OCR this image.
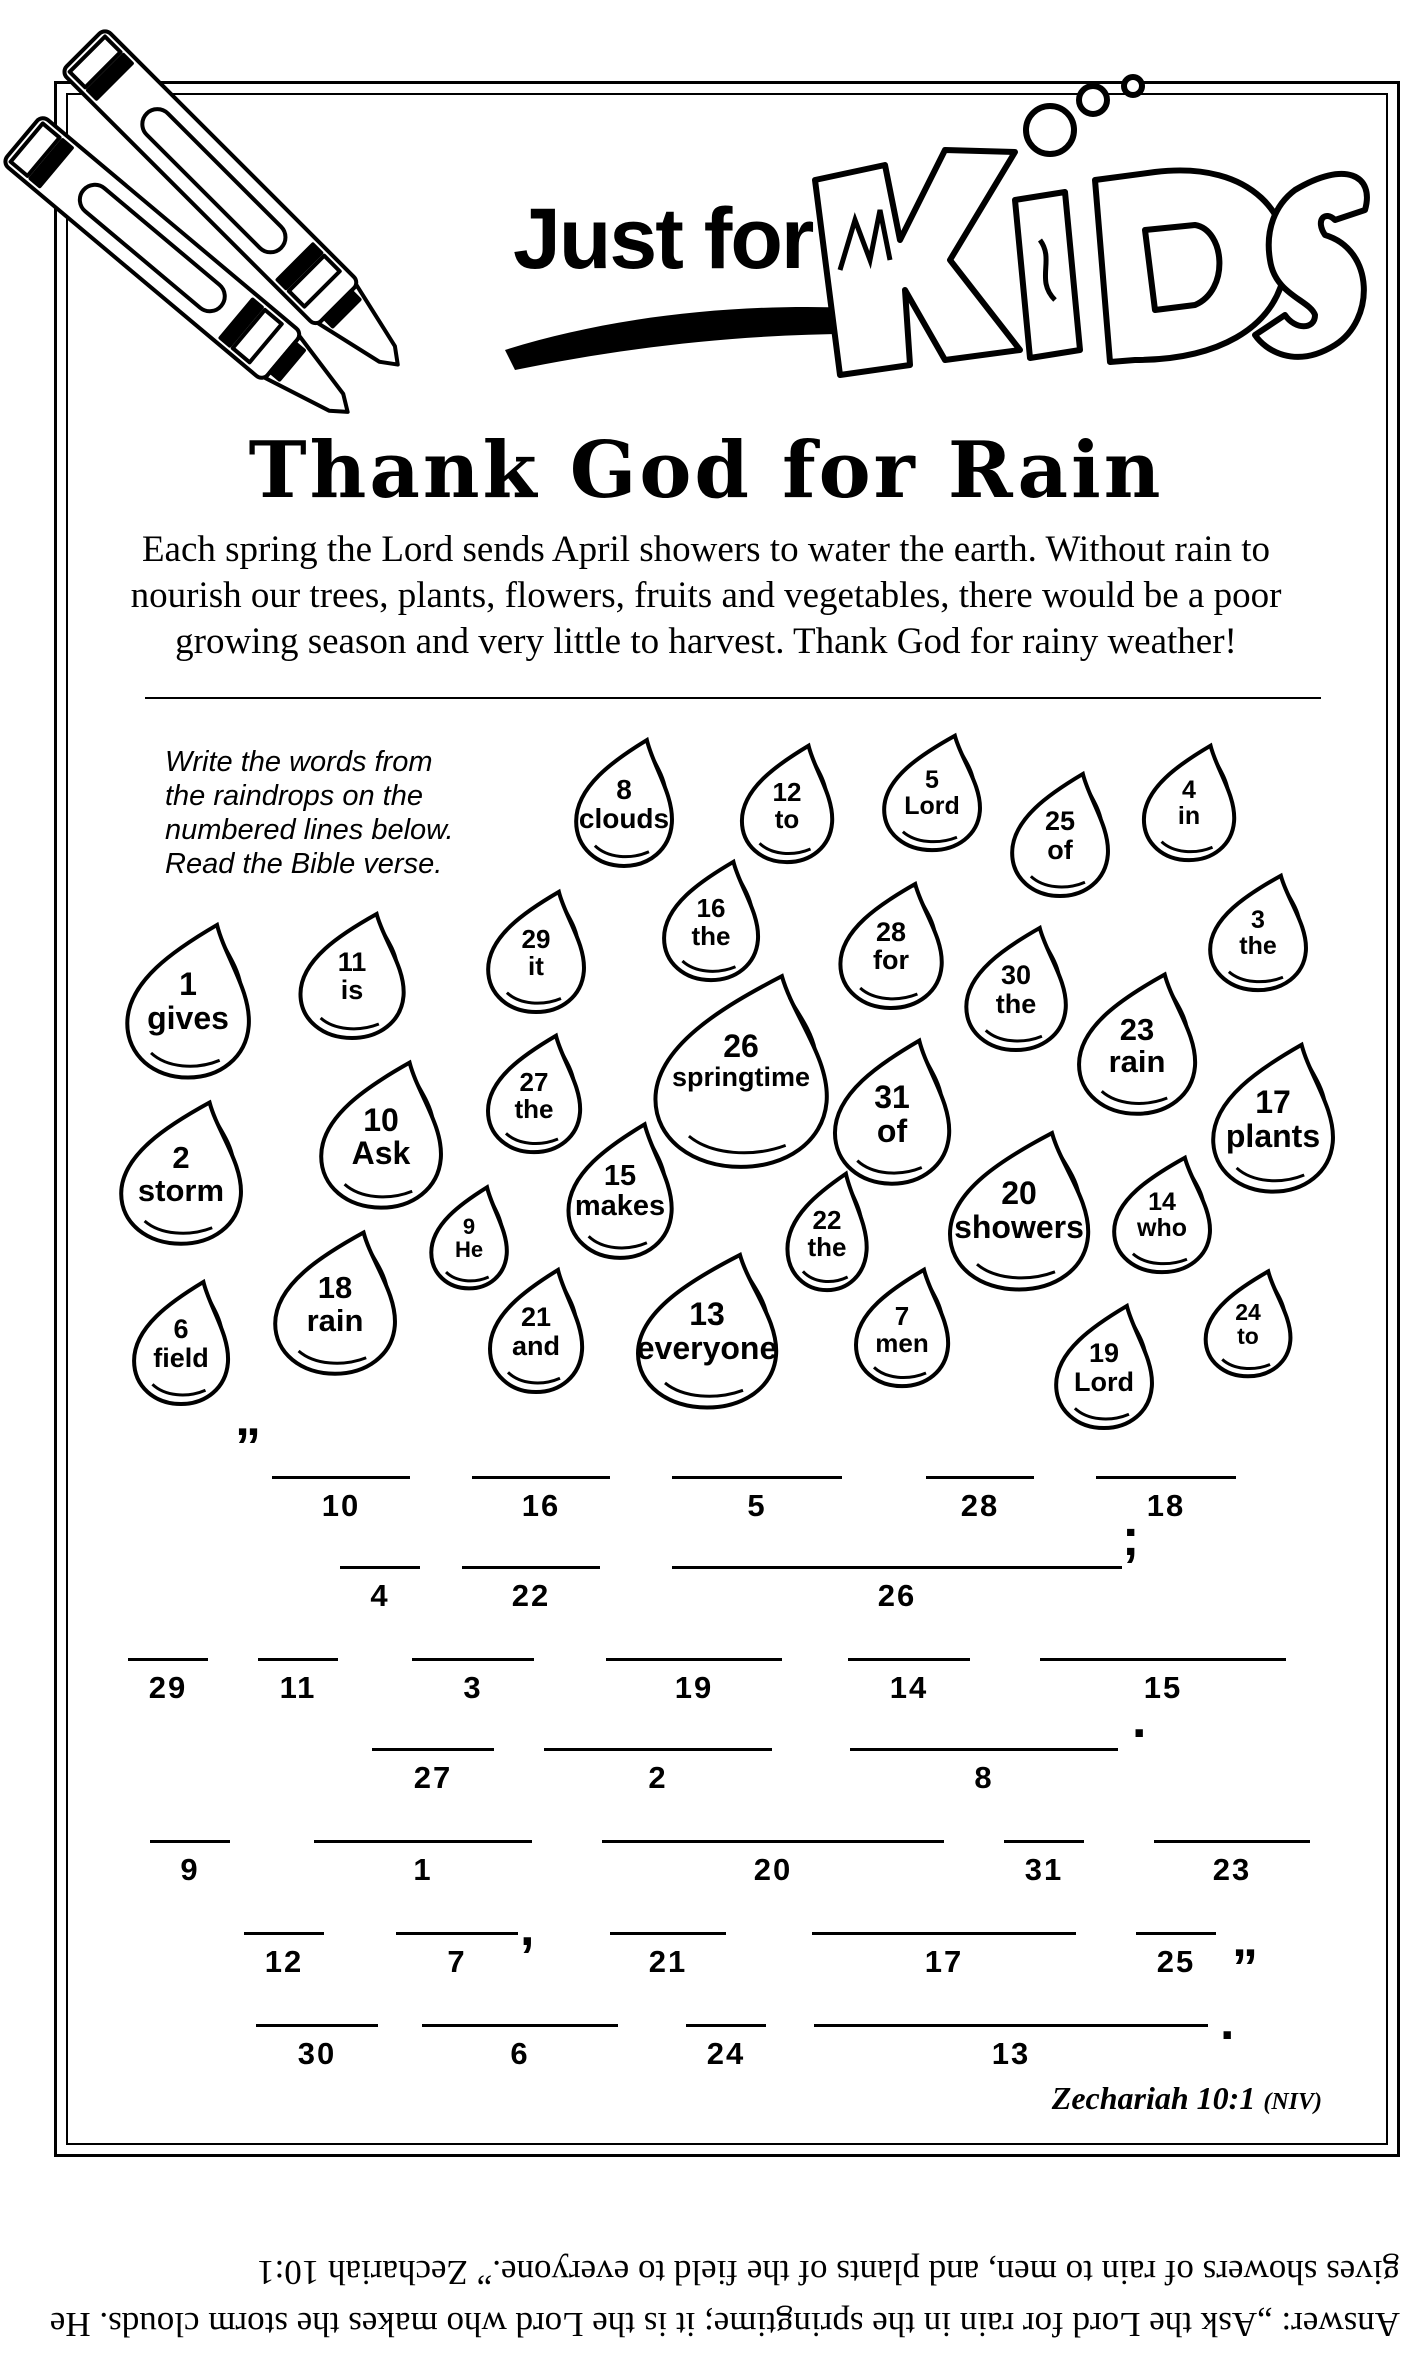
Just for
Thank God for Rain
Each spring the Lord sends April showers to water the earth. Without rain to nourish our trees, plants, flowers, fruits and vegetables, there would be a poor growing season and very little to harvest. Thank God for rainy weather!
Write the words from
the raindrops on the
numbered lines below.
Read the Bible verse.
8
clouds
12
to
5
Lord	25
of
4
in
1
gives
11
is
29
it
16
the	28
for	30
the
3
the
26
springtime
23
rain
27
the
10
Ask
31
of
17
plants
2
storm	15
makes	20
showers
14
who
9
He
22
the
18
rain
6
field
21
and
13
everyone
7
men
24
to
19
Lord
10	16	5	28	18
4	22	26
29	11	3	19	14	15
27	2	8
9	1	20	31	23
12	7	21	17	25
30	6	24	13
„
;
.
,
”
.
Zechariah 10:1 (NIV)
Answer: „Ask the Lord for rain in the springtime; it is the Lord who makes the storm clouds. He gives showers of rain to men, and plants of the field to everyone.” Zechariah 10:1
